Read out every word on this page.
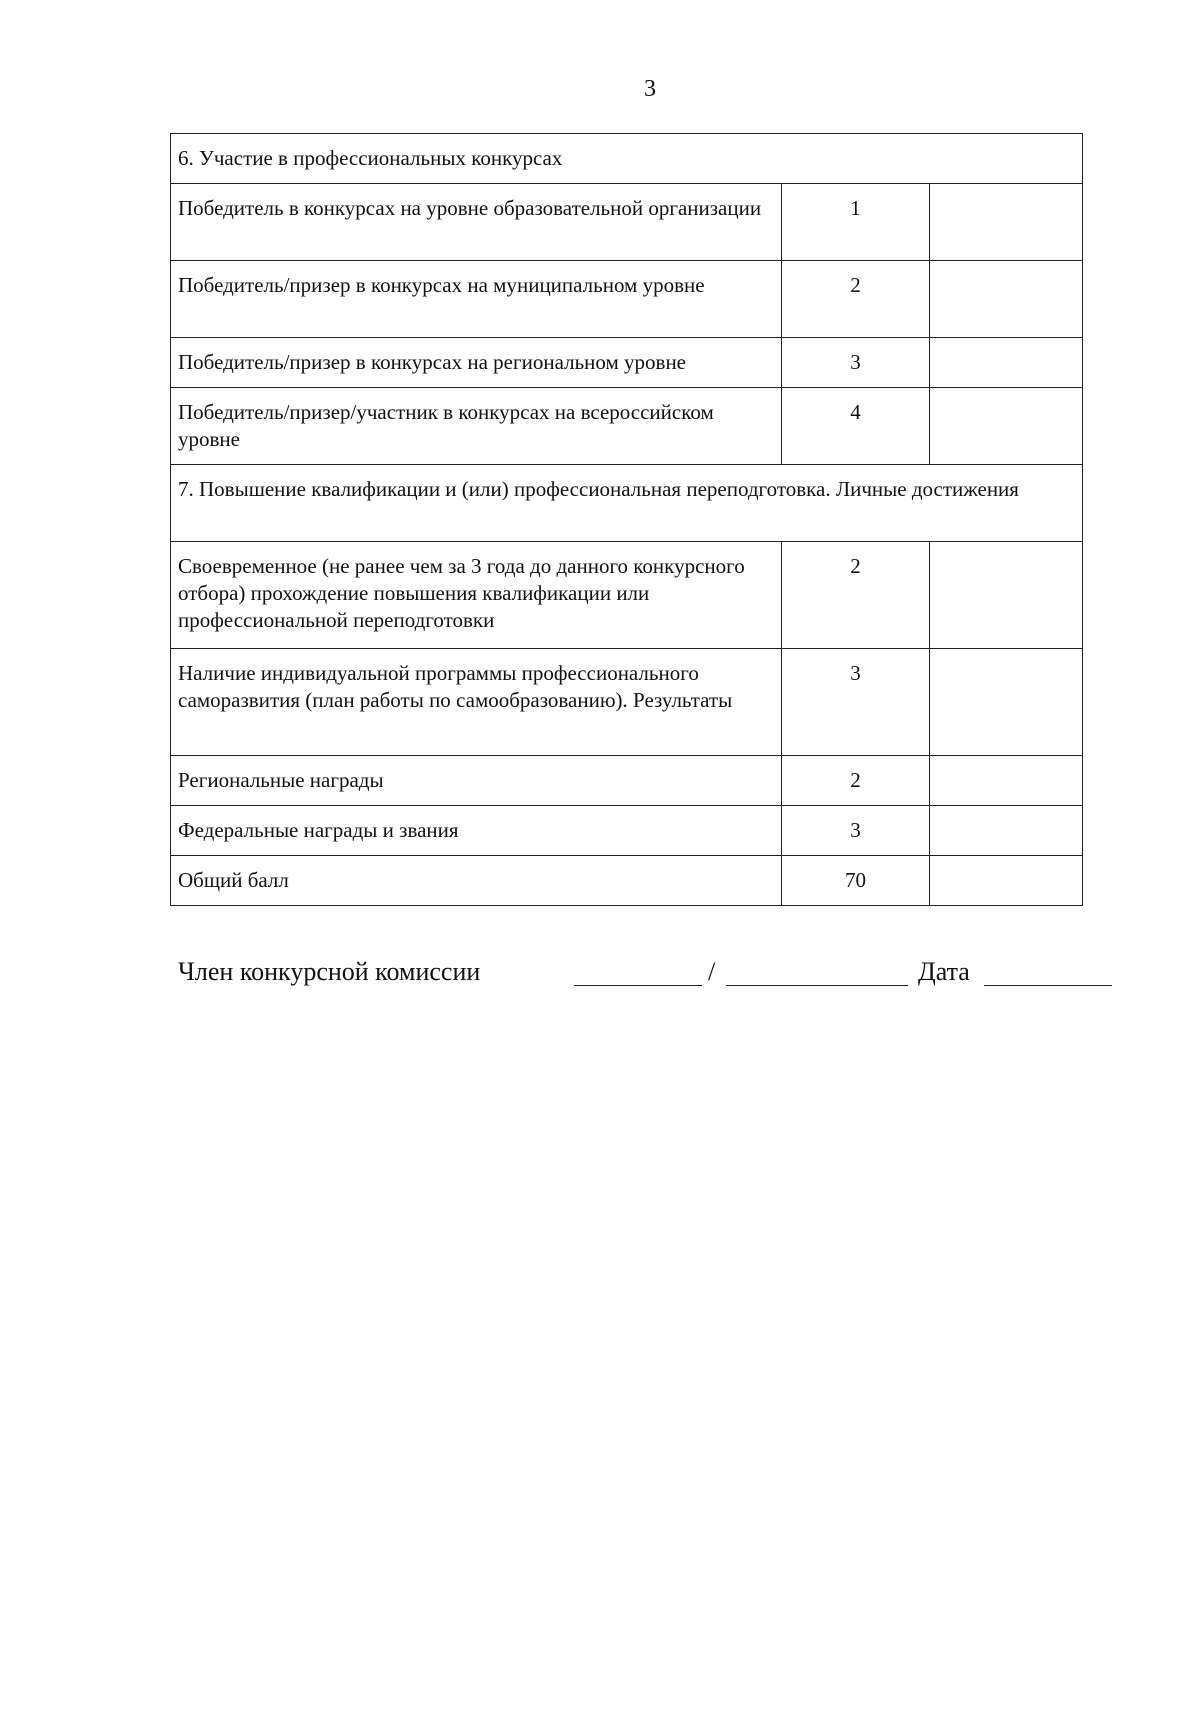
3
6. Участие в профессиональных конкурсах		
Победитель в конкурсах на уровне образовательной организации	1	
Победитель/призер в конкурсах на муниципальном уровне	2	
Победитель/призер в конкурсах на региональном уровне	3	
Победитель/призер/участник в конкурсах на всероссийском уровне	4	
7. Повышение квалификации и (или) профессиональная переподготовка. Личные достижения		
Своевременное (не ранее чем за 3 года до данного конкурсного отбора) прохождение повышения квалификации или профессиональной переподготовки	2	
Наличие индивидуальной программы профессионального саморазвития (план работы по самообразованию). Результаты	3	
Региональные награды	2	
Федеральные награды и звания	3	
Общий балл	70	
Член конкурсной комиссии	/	Дата
